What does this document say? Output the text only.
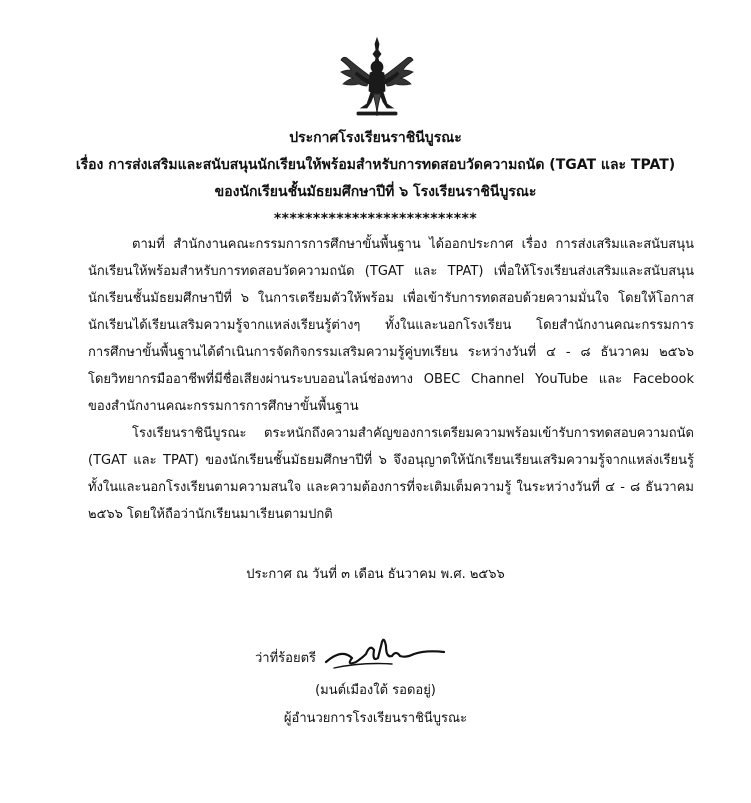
ประกาศโรงเรียนราชินีบูรณะ
เรื่อง การส่งเสริมและสนับสนุนนักเรียนให้พร้อมสำหรับการทดสอบวัดความถนัด (TGAT และ TPAT)
ของนักเรียนชั้นมัธยมศึกษาปีที่ ๖ โรงเรียนราชินีบูรณะ
**************************
ตามที่ สำนักงานคณะกรรมการการศึกษาขั้นพื้นฐาน ได้ออกประกาศ เรื่อง การส่งเสริมและสนับสนุน
นักเรียนให้พร้อมสำหรับการทดสอบวัดความถนัด (TGAT และ TPAT) เพื่อให้โรงเรียนส่งเสริมและสนับสนุน
นักเรียนชั้นมัธยมศึกษาปีที่ ๖ ในการเตรียมตัวให้พร้อม เพื่อเข้ารับการทดสอบด้วยความมั่นใจ โดยให้โอกาส
นักเรียนได้เรียนเสริมความรู้จากแหล่งเรียนรู้ต่างๆ ทั้งในและนอกโรงเรียน โดยสำนักงานคณะกรรมการ
การศึกษาขั้นพื้นฐานได้ดำเนินการจัดกิจกรรมเสริมความรู้คู่บทเรียน ระหว่างวันที่ ๔ - ๘ ธันวาคม ๒๕๖๖
โดยวิทยากรมืออาชีพที่มีชื่อเสียงผ่านระบบออนไลน์ช่องทาง OBEC Channel YouTube และ Facebook
ของสำนักงานคณะกรรมการการศึกษาขั้นพื้นฐาน
โรงเรียนราชินีบูรณะ ตระหนักถึงความสำคัญของการเตรียมความพร้อมเข้ารับการทดสอบความถนัด
(TGAT และ TPAT) ของนักเรียนชั้นมัธยมศึกษาปีที่ ๖ จึงอนุญาตให้นักเรียนเรียนเสริมความรู้จากแหล่งเรียนรู้
ทั้งในและนอกโรงเรียนตามความสนใจ และความต้องการที่จะเติมเต็มความรู้ ในระหว่างวันที่ ๔ - ๘ ธันวาคม
๒๕๖๖ โดยให้ถือว่านักเรียนมาเรียนตามปกติ
ประกาศ ณ วันที่ ๓ เดือน ธันวาคม พ.ศ. ๒๕๖๖
ว่าที่ร้อยตรี
(มนต์เมืองใต้ รอดอยู่)
ผู้อำนวยการโรงเรียนราชินีบูรณะ
